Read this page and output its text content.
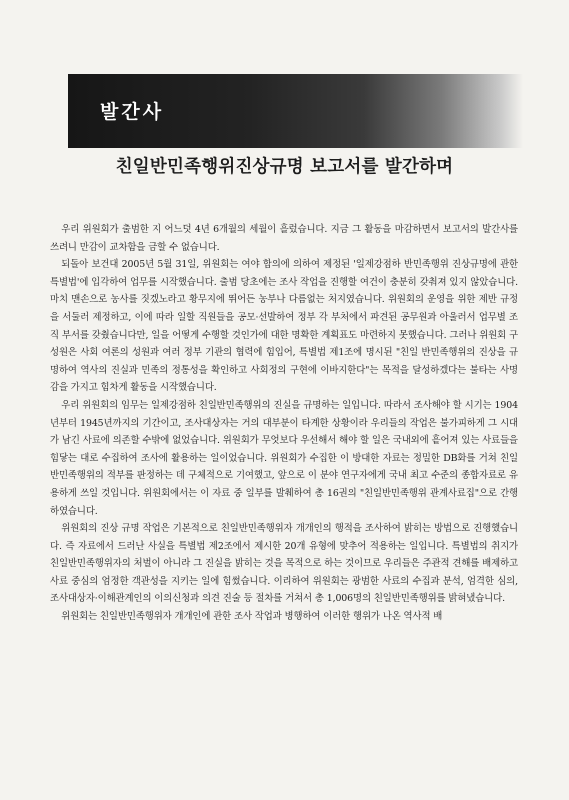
발간사
친일반민족행위진상규명 보고서를 발간하며

우리 위원회가 출범한 지 어느덧 4년 6개월의 세월이 흘렀습니다. 지금 그 활동을 마감하면서 보고서의 발간사를 쓰려니 만감이 교차함을 금할 수 없습니다.

되돌아 보건대 2005년 5월 31일, 위원회는 여야 합의에 의하여 제정된 '일제강점하 반민족행위 진상규명에 관한 특별법'에 입각하여 업무를 시작했습니다. 출범 당초에는 조사 작업을 진행할 여건이 충분히 갖춰져 있지 않았습니다. 마치 맨손으로 농사를 짓겠노라고 황무지에 뛰어든 농부나 다름없는 처지였습니다. 위원회의 운영을 위한 제반 규정을 서둘러 제정하고, 이에 따라 일할 직원들을 공모·선발하여 정부 각 부처에서 파견된 공무원과 아울러서 업무별 조직 부서를 갖췄습니다만, 일을 어떻게 수행할 것인가에 대한 명확한 계획표도 마련하지 못했습니다. 그러나 위원회 구성원은 사회 여론의 성원과 여러 정부 기관의 협력에 힘입어, 특별법 제1조에 명시된 "친일 반민족행위의 진상을 규명하여 역사의 진실과 민족의 정통성을 확인하고 사회정의 구현에 이바지한다"는 목적을 달성하겠다는 불타는 사명감을 가지고 힘차게 활동을 시작했습니다.

우리 위원회의 임무는 일제강점하 친일반민족행위의 진실을 규명하는 일입니다. 따라서 조사해야 할 시기는 1904년부터 1945년까지의 기간이고, 조사대상자는 거의 대부분이 타계한 상황이라 우리들의 작업은 불가피하게 그 시대가 남긴 사료에 의존할 수밖에 없었습니다. 위원회가 무엇보다 우선해서 해야 할 일은 국내외에 흩어져 있는 사료들을 힘닿는 대로 수집하여 조사에 활용하는 일이었습니다. 위원회가 수집한 이 방대한 자료는 정밀한 DB화를 거쳐 친일반민족행위의 적부를 판정하는 데 구체적으로 기여했고, 앞으로 이 분야 연구자에게 국내 최고 수준의 종합자료로 유용하게 쓰일 것입니다. 위원회에서는 이 자료 중 일부를 발췌하여 총 16권의 "친일반민족행위 관계사료집"으로 간행하였습니다.

위원회의 진상 규명 작업은 기본적으로 친일반민족행위자 개개인의 행적을 조사하여 밝히는 방법으로 진행했습니다. 즉 자료에서 드러난 사실을 특별법 제2조에서 제시한 20개 유형에 맞추어 적용하는 일입니다. 특별법의 취지가 친일반민족행위자의 처벌이 아니라 그 진실을 밝히는 것을 목적으로 하는 것이므로 우리들은 주관적 견해를 배제하고 사료 중심의 엄정한 객관성을 지키는 일에 힘썼습니다. 이리하여 위원회는 광범한 사료의 수집과 분석, 엄격한 심의, 조사대상자·이해관계인의 이의신청과 의견 진술 등 절차를 거쳐서 총 1,006명의 친일반민족행위를 밝혀냈습니다.

위원회는 친일반민족행위자 개개인에 관한 조사 작업과 병행하여 이러한 행위가 나온 역사적 배
